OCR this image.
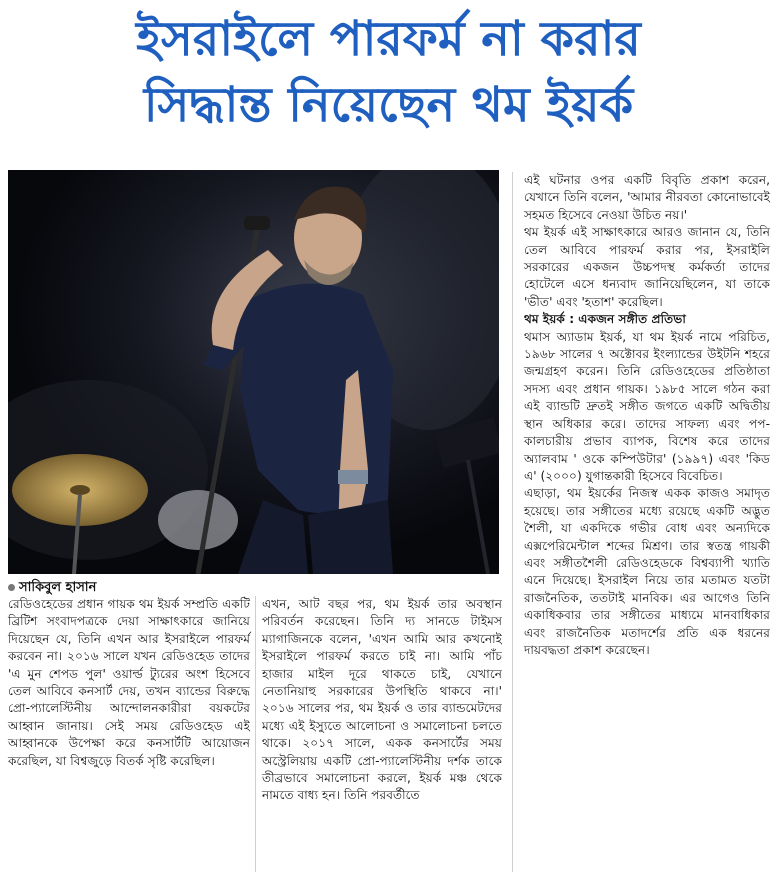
ইসরাইলে পারফর্ম না করার
সিদ্ধান্ত নিয়েছেন থম ইয়র্ক
সাকিবুল হাসান

রেডিওহেডের প্রধান গায়ক থম ইয়র্ক সম্প্রতি একটি ব্রিটিশ সংবাদপত্রকে দেয়া সাক্ষাৎকারে জানিয়ে দিয়েছেন যে, তিনি এখন আর ইসরাইলে পারফর্ম করবেন না। ২০১৬ সালে যখন রেডিওহেড তাদের 'এ মুন শেপড পুল' ওয়ার্ল্ড ট্যুরের অংশ হিসেবে তেল আবিবে কনসার্ট দেয়, তখন ব্যান্ডের বিরুদ্ধে প্রো-প্যালেস্টিনীয় আন্দোলনকারীরা বয়কটের আহ্বান জানায়। সেই সময় রেডিওহেড এই আহ্বানকে উপেক্ষা করে কনসার্টটি আয়োজন করেছিল, যা বিশ্বজুড়ে বিতর্ক সৃষ্টি করেছিল।

এখন, আট বছর পর, থম ইয়র্ক তার অবস্থান পরিবর্তন করেছেন। তিনি দ্য সানডে টাইমস ম্যাগাজিনকে বলেন, 'এখন আমি আর কখনোই ইসরাইলে পারফর্ম করতে চাই না। আমি পাঁচ হাজার মাইল দূরে থাকতে চাই, যেখানে নেতানিয়াহু সরকারের উপস্থিতি থাকবে না।' ২০১৬ সালের পর, থম ইয়র্ক ও তার ব্যান্ডমেটদের মধ্যে এই ইস্যুতে আলোচনা ও সমালোচনা চলতে থাকে। ২০১৭ সালে, একক কনসার্টের সময় অস্ট্রেলিয়ায় একটি প্রো-প্যালেস্টিনীয় দর্শক তাকে তীব্রভাবে সমালোচনা করলে, ইয়র্ক মঞ্চ থেকে নামতে বাধ্য হন। তিনি পরবর্তীতে

এই ঘটনার ওপর একটি বিবৃতি প্রকাশ করেন, যেখানে তিনি বলেন, 'আমার নীরবতা কোনোভাবেই সহমত হিসেবে নেওয়া উচিত নয়।'

থম ইয়র্ক এই সাক্ষাৎকারে আরও জানান যে, তিনি তেল আবিবে পারফর্ম করার পর, ইসরাইলি সরকারের একজন উচ্চপদস্থ কর্মকর্তা তাদের হোটেলে এসে ধন্যবাদ জানিয়েছিলেন, যা তাকে 'ভীত' এবং 'হতাশ' করেছিল।

থম ইয়র্ক : একজন সঙ্গীত প্রতিভা

থমাস অ্যাডাম ইয়র্ক, যা থম ইয়র্ক নামে পরিচিত, ১৯৬৮ সালের ৭ অক্টোবর ইংল্যান্ডের উইটনি শহরে জন্মগ্রহণ করেন। তিনি রেডিওহেডের প্রতিষ্ঠাতা সদস্য এবং প্রধান গায়ক। ১৯৮৫ সালে গঠন করা এই ব্যান্ডটি দ্রুতই সঙ্গীত জগতে একটি অদ্বিতীয় স্থান অধিকার করে। তাদের সাফল্য এবং পপ-কালচারীয় প্রভাব ব্যাপক, বিশেষ করে তাদের অ্যালবাম ' ওকে কম্পিউটার' (১৯৯৭) এবং 'কিড এ' (২০০০) যুগান্তকারী হিসেবে বিবেচিত।

এছাড়া, থম ইয়র্কের নিজস্ব একক কাজও সমাদৃত হয়েছে। তার সঙ্গীতের মধ্যে রয়েছে একটি অদ্ভুত শৈলী, যা একদিকে গভীর বোধ এবং অন্যদিকে এক্সপেরিমেন্টাল শব্দের মিশ্রণ। তার স্বতন্ত্র গায়কী এবং সঙ্গীতশৈলী রেডিওহেডকে বিশ্বব্যাপী খ্যাতি এনে দিয়েছে। ইসরাইল নিয়ে তার মতামত যতটা রাজনৈতিক, ততটাই মানবিক। এর আগেও তিনি একাধিকবার তার সঙ্গীতের মাধ্যমে মানবাধিকার এবং রাজনৈতিক মতাদর্শের প্রতি এক ধরনের দায়বদ্ধতা প্রকাশ করেছেন।
